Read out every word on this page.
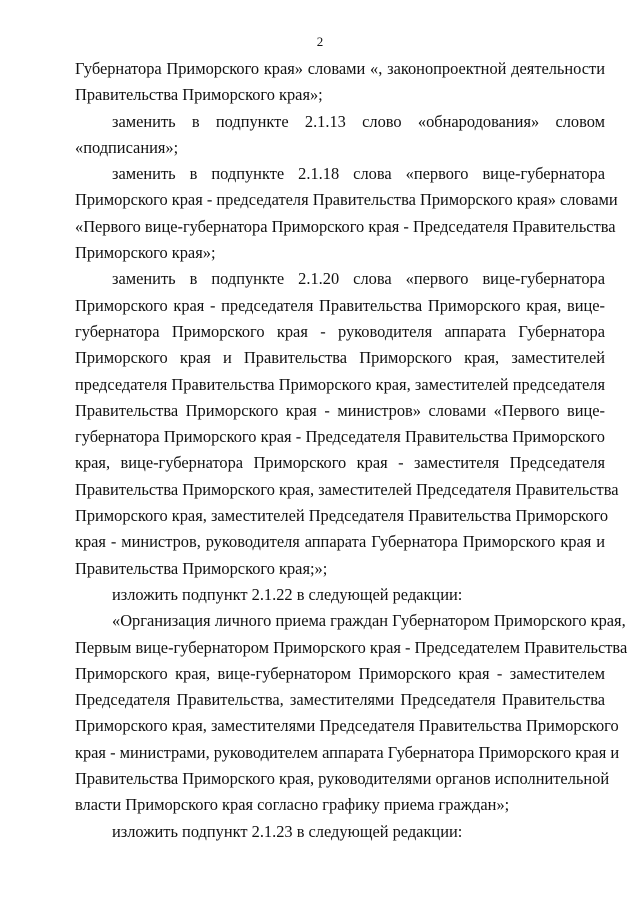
2

Губернатора Приморского края» словами «, законопроектной деятельности
Правительства Приморского края»;

заменить в подпункте 2.1.13 слово «обнародования» словом
«подписания»;

заменить в подпункте 2.1.18 слова «первого вице-губернатора
Приморского края - председателя Правительства Приморского края» словами
«Первого вице-губернатора Приморского края - Председателя Правительства
Приморского края»;

заменить в подпункте 2.1.20 слова «первого вице-губернатора
Приморского края - председателя Правительства Приморского края, вице-
губернатора Приморского края - руководителя аппарата Губернатора
Приморского края и Правительства Приморского края, заместителей
председателя Правительства Приморского края, заместителей председателя
Правительства Приморского края - министров» словами «Первого вице-
губернатора Приморского края - Председателя Правительства Приморского
края, вице-губернатора Приморского края - заместителя Председателя
Правительства Приморского края, заместителей Председателя Правительства
Приморского края, заместителей Председателя Правительства Приморского
края - министров, руководителя аппарата Губернатора Приморского края и
Правительства Приморского края;»;

изложить подпункт 2.1.22 в следующей редакции:

«Организация личного приема граждан Губернатором Приморского края,
Первым вице-губернатором Приморского края - Председателем Правительства
Приморского края, вице-губернатором Приморского края - заместителем
Председателя Правительства, заместителями Председателя Правительства
Приморского края, заместителями Председателя Правительства Приморского
края - министрами, руководителем аппарата Губернатора Приморского края и
Правительства Приморского края, руководителями органов исполнительной
власти Приморского края согласно графику приема граждан»;

изложить подпункт 2.1.23 в следующей редакции:
